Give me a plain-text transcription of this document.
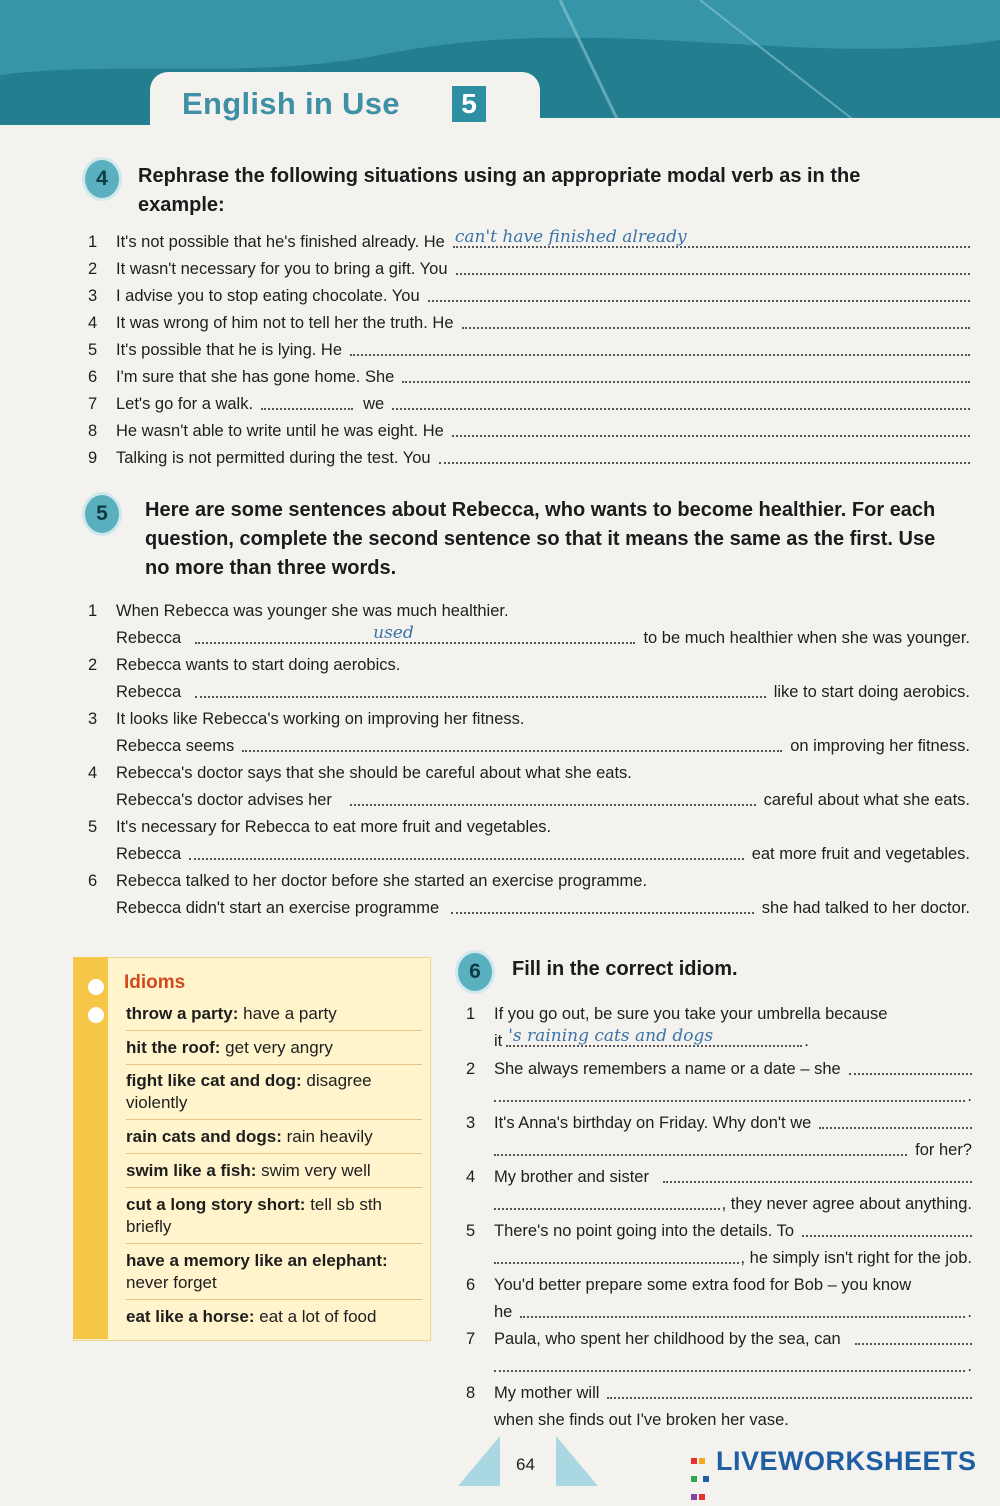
English in Use	5
4	Rephrase the following situations using an appropriate modal verb as in the example:
1	It's not possible that he's finished already. He can't have finished already
2	It wasn't necessary for you to bring a gift. You
3	I advise you to stop eating chocolate. You
4	It was wrong of him not to tell her the truth. He
5	It's possible that he is lying. He
6	I'm sure that she has gone home. She
7	Let's go for a walk.	we
8	He wasn't able to write until he was eight. He
9	Talking is not permitted during the test. You
5	Here are some sentences about Rebecca, who wants to become healthier. For each question, complete the second sentence so that it means the same as the first. Use no more than three words.
1	When Rebecca was younger she was much healthier.
Rebecca	used	to be much healthier when she was younger.
2	Rebecca wants to start doing aerobics.
Rebecca	like to start doing aerobics.
3	It looks like Rebecca's working on improving her fitness.
Rebecca seems	on improving her fitness.
4	Rebecca's doctor says that she should be careful about what she eats.
Rebecca's doctor advises her	careful about what she eats.
5	It's necessary for Rebecca to eat more fruit and vegetables.
Rebecca	eat more fruit and vegetables.
6	Rebecca talked to her doctor before she started an exercise programme.
Rebecca didn't start an exercise programme	she had talked to her doctor.
Idioms
throw a party: have a party
hit the roof: get very angry
fight like cat and dog: disagree violently
rain cats and dogs: rain heavily
swim like a fish: swim very well
cut a long story short: tell sb sth briefly
have a memory like an elephant: never forget
eat like a horse: eat a lot of food
6	Fill in the correct idiom.
1	If you go out, be sure you take your umbrella because
it 's raining cats and dogs	.
2	She always remembers a name or a date – she
.
3	It's Anna's birthday on Friday. Why don't we
for her?
4	My brother and sister
, they never agree about anything.
5	There's no point going into the details. To
, he simply isn't right for the job.
6	You'd better prepare some extra food for Bob – you know
he	.
7	Paula, who spent her childhood by the sea, can
.
8	My mother will
when she finds out I've broken her vase.
64
	LIVEWORKSHEETS
